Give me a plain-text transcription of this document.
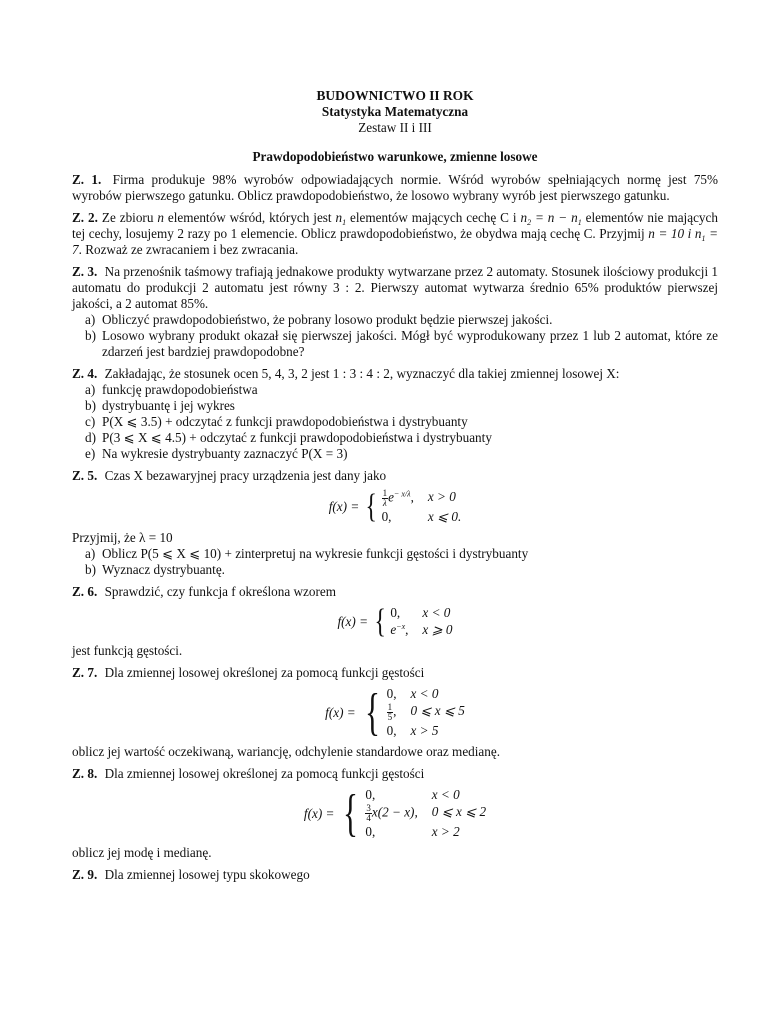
BUDOWNICTWO II ROK
Statystyka Matematyczna
Zestaw II i III
Prawdopodobieństwo warunkowe, zmienne losowe
Z. 1. Firma produkuje 98% wyrobów odpowiadających normie. Wśród wyrobów spełniających normę jest 75% wyrobów pierwszego gatunku. Oblicz prawdopodobieństwo, że losowo wybrany wyrób jest pierwszego gatunku.
Z. 2. Ze zbioru n elementów wśród, których jest $n_1$ elementów mających cechę C i $n_2 = n - n_1$ elementów nie mających tej cechy, losujemy 2 razy po 1 elemencie. Oblicz prawdopodobieństwo, że obydwa mają cechę C. Przyjmij n = 10 i $n_1 = 7$. Rozważ ze zwracaniem i bez zwracania.
Z. 3. Na przenośnik taśmowy trafiają jednakowe produkty wytwarzane przez 2 automaty. Stosunek ilościowy produkcji 1 automatu do produkcji 2 automatu jest równy 3 : 2. Pierwszy automat wytwarza średnio 65% produktów pierwszej jakości, a 2 automat 85%.
a) Obliczyć prawdopodobieństwo, że pobrany losowo produkt będzie pierwszej jakości.
b) Losowo wybrany produkt okazał się pierwszej jakości. Mógł być wyprodukowany przez 1 lub 2 automat, które ze zdarzeń jest bardziej prawdopodobne?
Z. 4. Zakładając, że stosunek ocen 5, 4, 3, 2 jest 1 : 3 : 4 : 2, wyznaczyć dla takiej zmiennej losowej X:
a) funkcję prawdopodobieństwa
b) dystrybuantę i jej wykres
c) P(X ⩽ 3.5) + odczytać z funkcji prawdopodobieństwa i dystrybuanty
d) P(3 ⩽ X ⩽ 4.5) + odczytać z funkcji prawdopodobieństwa i dystrybuanty
e) Na wykresie dystrybuanty zaznaczyć P(X = 3)
Z. 5. Czas X bezawaryjnej pracy urządzenia jest dany jako
f(x) = { $\frac{1}{\lambda} e^{- x/\lambda}$, x > 0
0,	x ⩽ 0.
Przyjmij, że λ = 10
a) Oblicz P(5 ⩽ X ⩽ 10) + zinterpretuj na wykresie funkcji gęstości i dystrybuanty
b) Wyznacz dystrybuantę.
Z. 6. Sprawdzić, czy funkcja f określona wzorem
f(x) = { 0,	x < 0
$e^{-x}$, x ⩾ 0
jest funkcją gęstości.
Z. 7. Dla zmiennej losowej określonej za pomocą funkcji gęstości
f(x) = { 0, x < 0
$\frac{1}{5}$ , 0 ⩽ x ⩽ 5
0, x > 5
oblicz jej wartość oczekiwaną, wariancję, odchylenie standardowe oraz medianę.
Z. 8. Dla zmiennej losowej określonej za pomocą funkcji gęstości
f(x) = { 0,	x < 0
$\frac{3}{4} x(2 - x)$, 0 ⩽ x ⩽ 2
0,	x > 2
oblicz jej modę i medianę.
Z. 9. Dla zmiennej losowej typu skokowego
